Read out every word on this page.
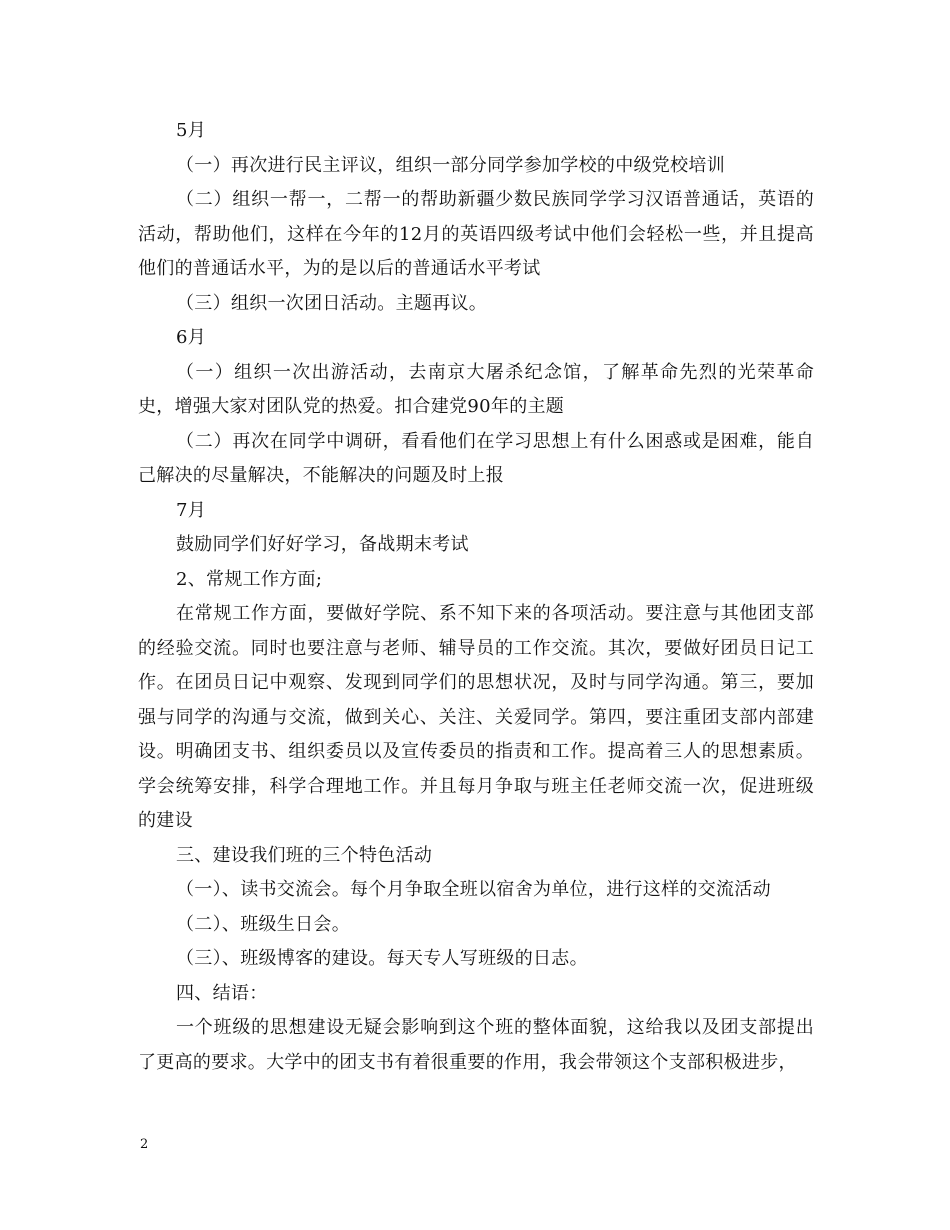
5月

（一）再次进行民主评议，组织一部分同学参加学校的中级党校培训

（二）组织一帮一，二帮一的帮助新疆少数民族同学学习汉语普通话，英语的活动，帮助他们，这样在今年的12月的英语四级考试中他们会轻松一些，并且提高他们的普通话水平，为的是以后的普通话水平考试

（三）组织一次团日活动。主题再议。

6月

（一）组织一次出游活动，去南京大屠杀纪念馆，了解革命先烈的光荣革命史，增强大家对团队党的热爱。扣合建党90年的主题

（二）再次在同学中调研，看看他们在学习思想上有什么困惑或是困难，能自己解决的尽量解决，不能解决的问题及时上报

7月

鼓励同学们好好学习，备战期末考试

2、常规工作方面;

在常规工作方面，要做好学院、系不知下来的各项活动。要注意与其他团支部的经验交流。同时也要注意与老师、辅导员的工作交流。其次，要做好团员日记工作。在团员日记中观察、发现到同学们的思想状况，及时与同学沟通。第三，要加强与同学的沟通与交流，做到关心、关注、关爱同学。第四，要注重团支部内部建设。明确团支书、组织委员以及宣传委员的指责和工作。提高着三人的思想素质。学会统筹安排，科学合理地工作。并且每月争取与班主任老师交流一次，促进班级的建设

三、建设我们班的三个特色活动

（一）、读书交流会。每个月争取全班以宿舍为单位，进行这样的交流活动

（二）、班级生日会。

（三）、班级博客的建设。每天专人写班级的日志。

四、结语：

一个班级的思想建设无疑会影响到这个班的整体面貌，这给我以及团支部提出了更高的要求。大学中的团支书有着很重要的作用，我会带领这个支部积极进步，

2
